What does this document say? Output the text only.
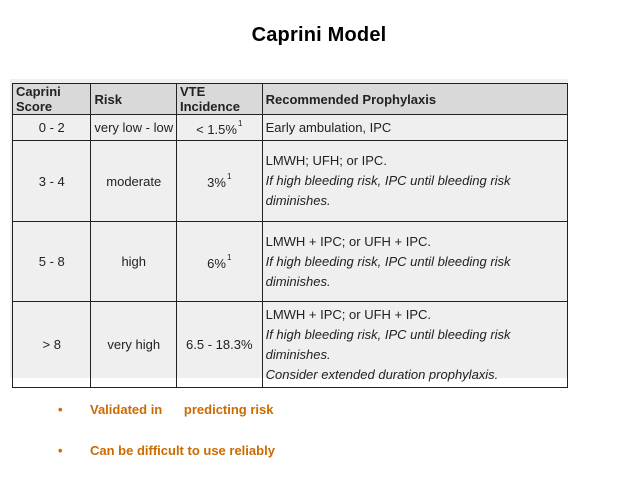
Caprini Model
Caprini Score	Risk	VTE Incidence	Recommended Prophylaxis
0 - 2	very low - low	< 1.5%$^1$	Early ambulation, IPC

3 - 4	moderate	3%$^1$	LMWH; UFH; or IPC.
If high bleeding risk, IPC until bleeding risk diminishes.

5 - 8	high	6%$^1$	LMWH + IPC; or UFH + IPC.
If high bleeding risk, IPC until bleeding risk diminishes.

> 8	very high	6.5 - 18.3%	LMWH + IPC; or UFH + IPC.
If high bleeding risk, IPC until bleeding risk diminishes.
Consider extended duration prophylaxis.
• Validated in      predicting risk
• Can be difficult to use reliably
